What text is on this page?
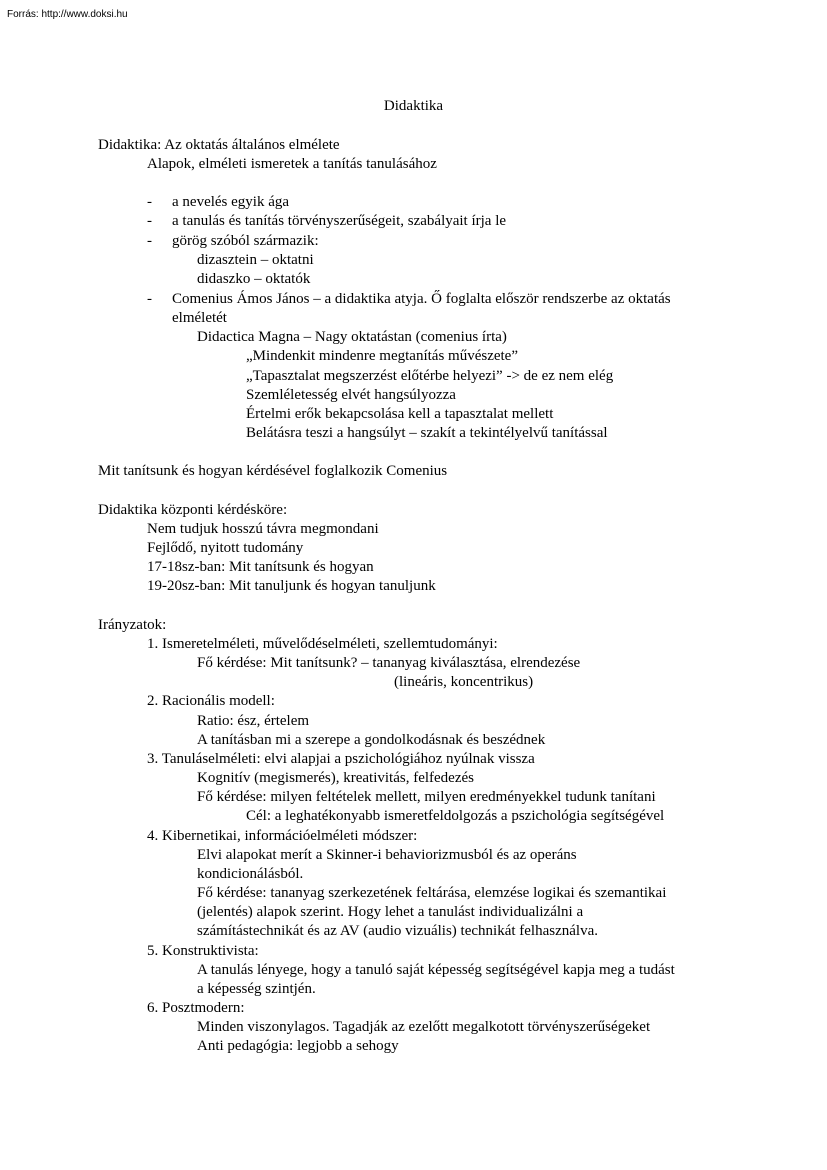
Forrás: http://www.doksi.hu
Didaktika
Didaktika: Az oktatás általános elmélete
Alapok, elméleti ismeretek a tanítás tanulásához
- a nevelés egyik ága
- a tanulás és tanítás törvényszerűségeit, szabályait írja le
- görög szóból származik:
dizasztein – oktatni
didaszko – oktatók
- Comenius Ámos János – a didaktika atyja. Ő foglalta először rendszerbe az oktatás
elméletét
Didactica Magna – Nagy oktatástan (comenius írta)
„Mindenkit mindenre megtanítás művészete”
„Tapasztalat megszerzést előtérbe helyezi” -> de ez nem elég
Szemléletesség elvét hangsúlyozza
Értelmi erők bekapcsolása kell a tapasztalat mellett
Belátásra teszi a hangsúlyt – szakít a tekintélyelvű tanítással
Mit tanítsunk és hogyan kérdésével foglalkozik Comenius
Didaktika központi kérdésköre:
Nem tudjuk hosszú távra megmondani
Fejlődő, nyitott tudomány
17-18sz-ban: Mit tanítsunk és hogyan
19-20sz-ban: Mit tanuljunk és hogyan tanuljunk
Irányzatok:
1. Ismeretelméleti, művelődéselméleti, szellemtudományi:
Fő kérdése: Mit tanítsunk? – tananyag kiválasztása, elrendezése
(lineáris, koncentrikus)
2. Racionális modell:
Ratio: ész, értelem
A tanításban mi a szerepe a gondolkodásnak és beszédnek
3. Tanuláselméleti: elvi alapjai a pszichológiához nyúlnak vissza
Kognitív (megismerés), kreativitás, felfedezés
Fő kérdése: milyen feltételek mellett, milyen eredményekkel tudunk tanítani
Cél: a leghatékonyabb ismeretfeldolgozás a pszichológia segítségével
4. Kibernetikai, információelméleti módszer:
Elvi alapokat merít a Skinner-i behaviorizmusból és az operáns
kondicionálásból.
Fő kérdése: tananyag szerkezetének feltárása, elemzése logikai és szemantikai
(jelentés) alapok szerint. Hogy lehet a tanulást individualizálni a
számítástechnikát és az AV (audio vizuális) technikát felhasználva.
5. Konstruktivista:
A tanulás lényege, hogy a tanuló saját képesség segítségével kapja meg a tudást
a képesség szintjén.
6. Posztmodern:
Minden viszonylagos. Tagadják az ezelőtt megalkotott törvényszerűségeket
Anti pedagógia: legjobb a sehogy
